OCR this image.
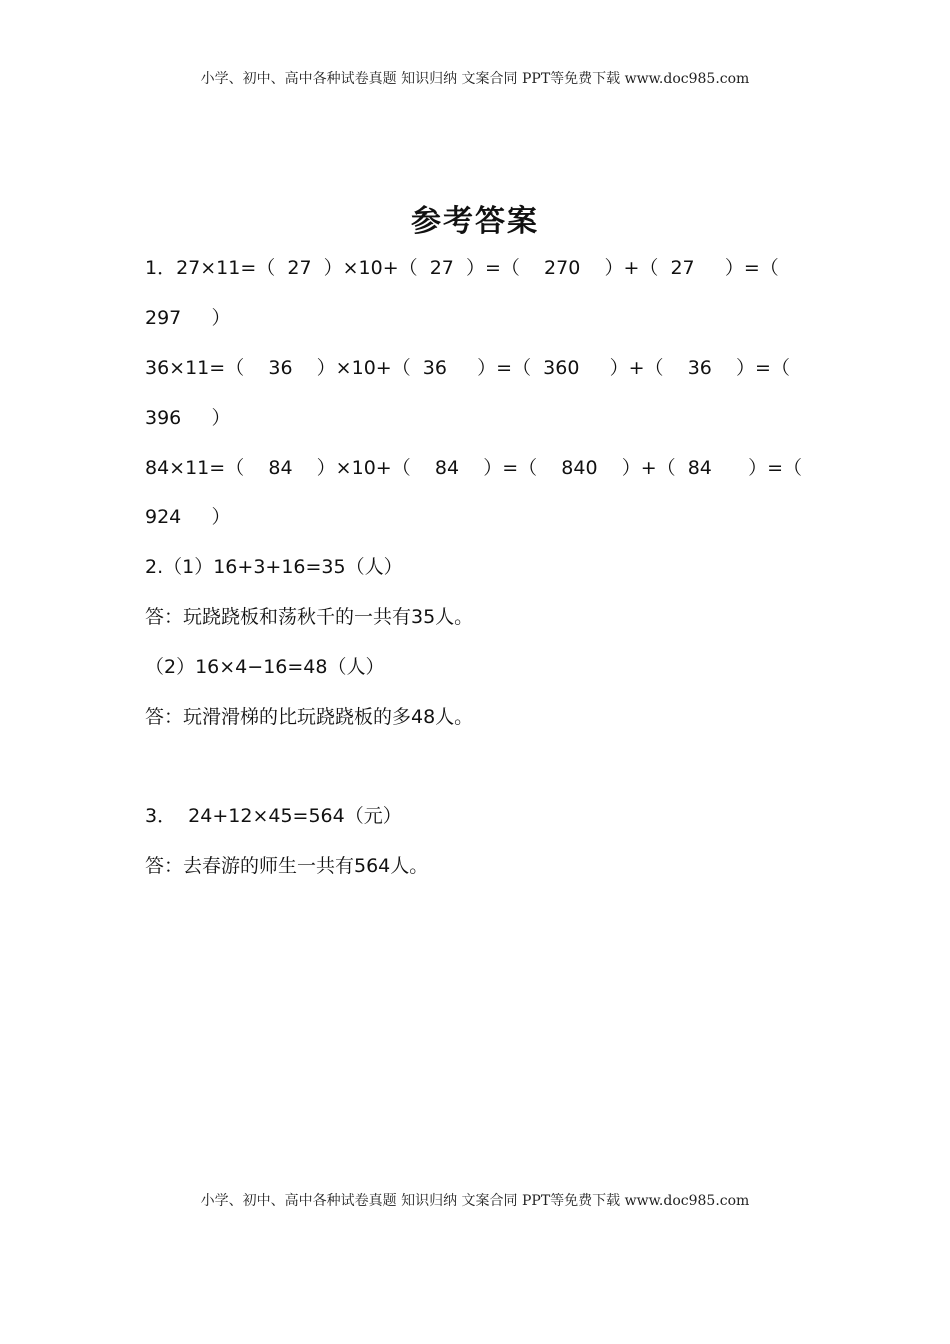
小学、初中、高中各种试卷真题 知识归纳 文案合同 PPT等免费下载 www.doc985.com
参考答案
1．27×11=（  27  ）×10+（  27  ）=（    270    ）+（  27     ）=（
297     ）
36×11=（    36    ）×10+（  36     ）=（  360     ）+（    36    ）=（
396     ）
84×11=（    84    ）×10+（    84    ）=（    840    ）+（  84      ）=（
924     ）
2.（1）16+3+16=35（人）
答：玩跷跷板和荡秋千的一共有35人。
（2）16×4−16=48（人）
答：玩滑滑梯的比玩跷跷板的多48人。
3．  24+12×45=564（元）
答：去春游的师生一共有564人。
小学、初中、高中各种试卷真题 知识归纳 文案合同 PPT等免费下载 www.doc985.com
